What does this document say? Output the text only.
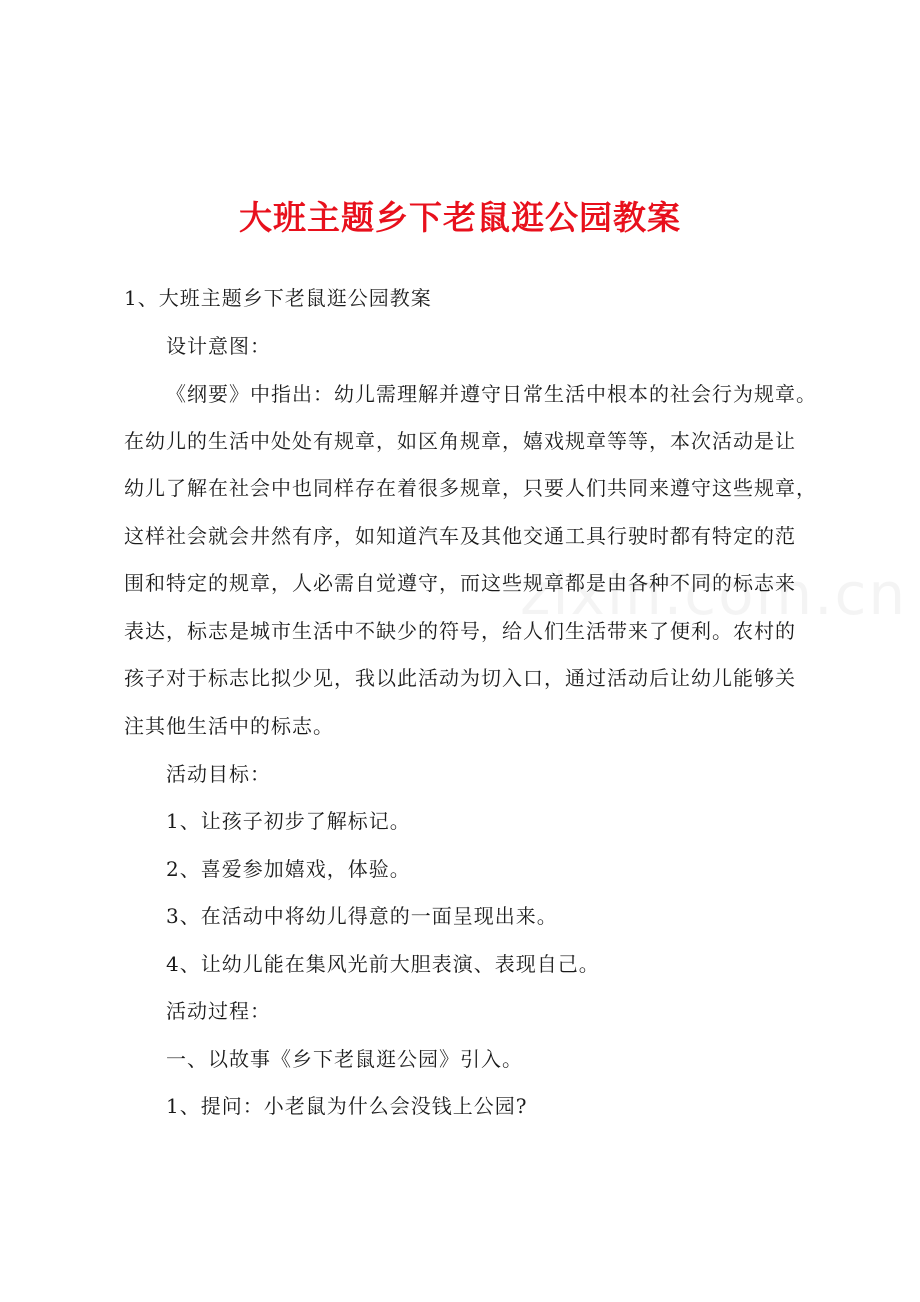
大班主题乡下老鼠逛公园教案

1、大班主题乡下老鼠逛公园教案

设计意图：
《纲要》中指出：幼儿需理解并遵守日常生活中根本的社会行为规章。
在幼儿的生活中处处有规章，如区角规章，嬉戏规章等等，本次活动是让
幼儿了解在社会中也同样存在着很多规章，只要人们共同来遵守这些规章，
这样社会就会井然有序，如知道汽车及其他交通工具行驶时都有特定的范
围和特定的规章，人必需自觉遵守，而这些规章都是由各种不同的标志来
表达，标志是城市生活中不缺少的符号，给人们生活带来了便利。农村的
孩子对于标志比拟少见，我以此活动为切入口，通过活动后让幼儿能够关
注其他生活中的标志。
活动目标：
1、让孩子初步了解标记。
2、喜爱参加嬉戏，体验。
3、在活动中将幼儿得意的一面呈现出来。
4、让幼儿能在集风光前大胆表演、表现自己。
活动过程：
一、以故事《乡下老鼠逛公园》引入。
1、提问：小老鼠为什么会没钱上公园?
